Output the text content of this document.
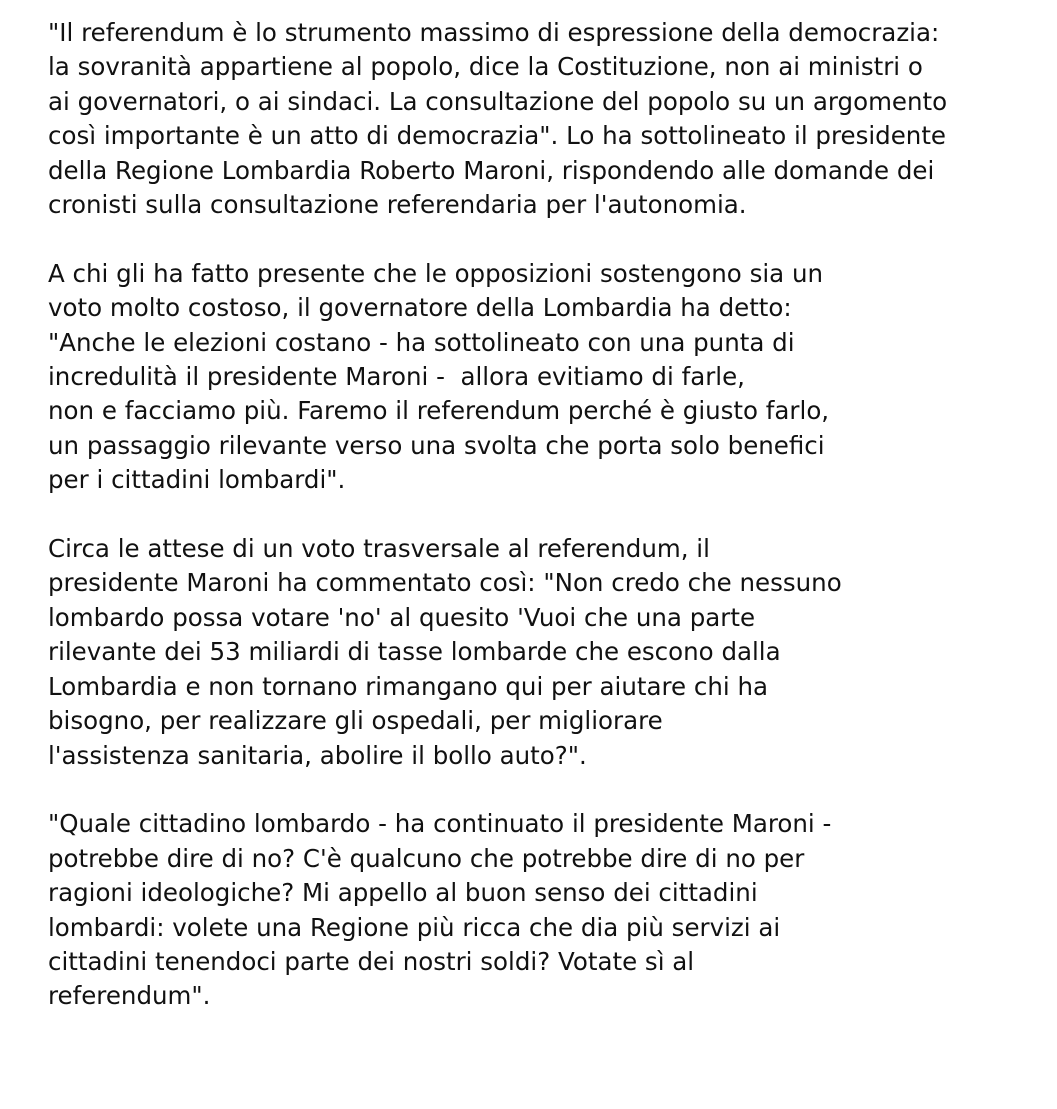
"Il referendum è lo strumento massimo di espressione della democrazia:
la sovranità appartiene al popolo, dice la Costituzione, non ai ministri o
ai governatori, o ai sindaci. La consultazione del popolo su un argomento
così importante è un atto di democrazia". Lo ha sottolineato il presidente
della Regione Lombardia Roberto Maroni, rispondendo alle domande dei
cronisti sulla consultazione referendaria per l'autonomia.
A chi gli ha fatto presente che le opposizioni sostengono sia un
voto molto costoso, il governatore della Lombardia ha detto:
"Anche le elezioni costano - ha sottolineato con una punta di
incredulità il presidente Maroni -  allora evitiamo di farle,
non e facciamo più. Faremo il referendum perché è giusto farlo,
un passaggio rilevante verso una svolta che porta solo benefici
per i cittadini lombardi".
Circa le attese di un voto trasversale al referendum, il
presidente Maroni ha commentato così: "Non credo che nessuno
lombardo possa votare 'no' al quesito 'Vuoi che una parte
rilevante dei 53 miliardi di tasse lombarde che escono dalla
Lombardia e non tornano rimangano qui per aiutare chi ha
bisogno, per realizzare gli ospedali, per migliorare
l'assistenza sanitaria, abolire il bollo auto?".
"Quale cittadino lombardo - ha continuato il presidente Maroni -
potrebbe dire di no? C'è qualcuno che potrebbe dire di no per
ragioni ideologiche? Mi appello al buon senso dei cittadini
lombardi: volete una Regione più ricca che dia più servizi ai
cittadini tenendoci parte dei nostri soldi? Votate sì al
referendum".
